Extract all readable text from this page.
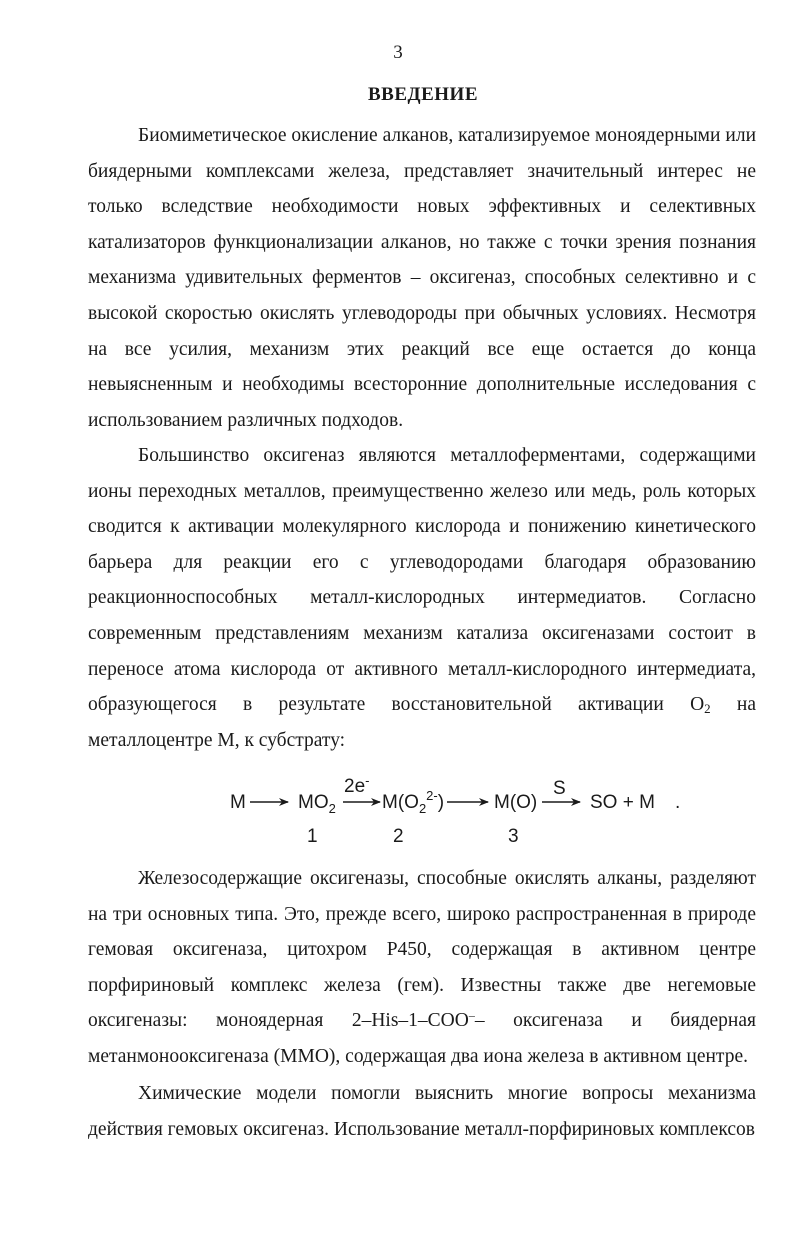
3
ВВЕДЕНИЕ

Биомиметическое окисление алканов, катализируемое моноядерными или биядерными комплексами железа, представляет значительный интерес не только вследствие необходимости новых эффективных и селективных катализаторов функционализации алканов, но также с точки зрения познания механизма удивительных ферментов – оксигеназ, способных селективно и с высокой скоростью окислять углеводороды при обычных условиях. Несмотря на все усилия, механизм этих реакций все еще остается до конца невыясненным и необходимы всесторонние дополнительные исследования с использованием различных подходов.

Большинство оксигеназ являются металлоферментами, содержащими ионы переходных металлов, преимущественно железо или медь, роль которых сводится к активации молекулярного кислорода и понижению кинетического барьера для реакции его с углеводородами благодаря образованию реакционноспособных металл-кислородных интермедиатов. Согласно современным представлениям механизм катализа оксигеназами состоит в переносе атома кислорода от активного металл-кислородного интермедиата, образующегося в результате восстановительной активации $O_2$ на металлоцентре M, к субстрату:

M	$MO_2$
2e-
$M(O_2^{2-})$	M(O)
S
SO + M .
1	2	3

Железосодержащие оксигеназы, способные окислять алканы, разделяют на три основных типа. Это, прежде всего, широко распространенная в природе гемовая оксигеназа, цитохром P450, содержащая в активном центре порфириновый комплекс железа (гем). Известны также две негемовые оксигеназы: моноядерная 2–His–1–COO–– оксигеназа и биядерная метанмонооксигеназа (ММО), содержащая два иона железа в активном центре.

Химические модели помогли выяснить многие вопросы механизма действия гемовых оксигеназ. Использование металл-порфириновых комплексов
